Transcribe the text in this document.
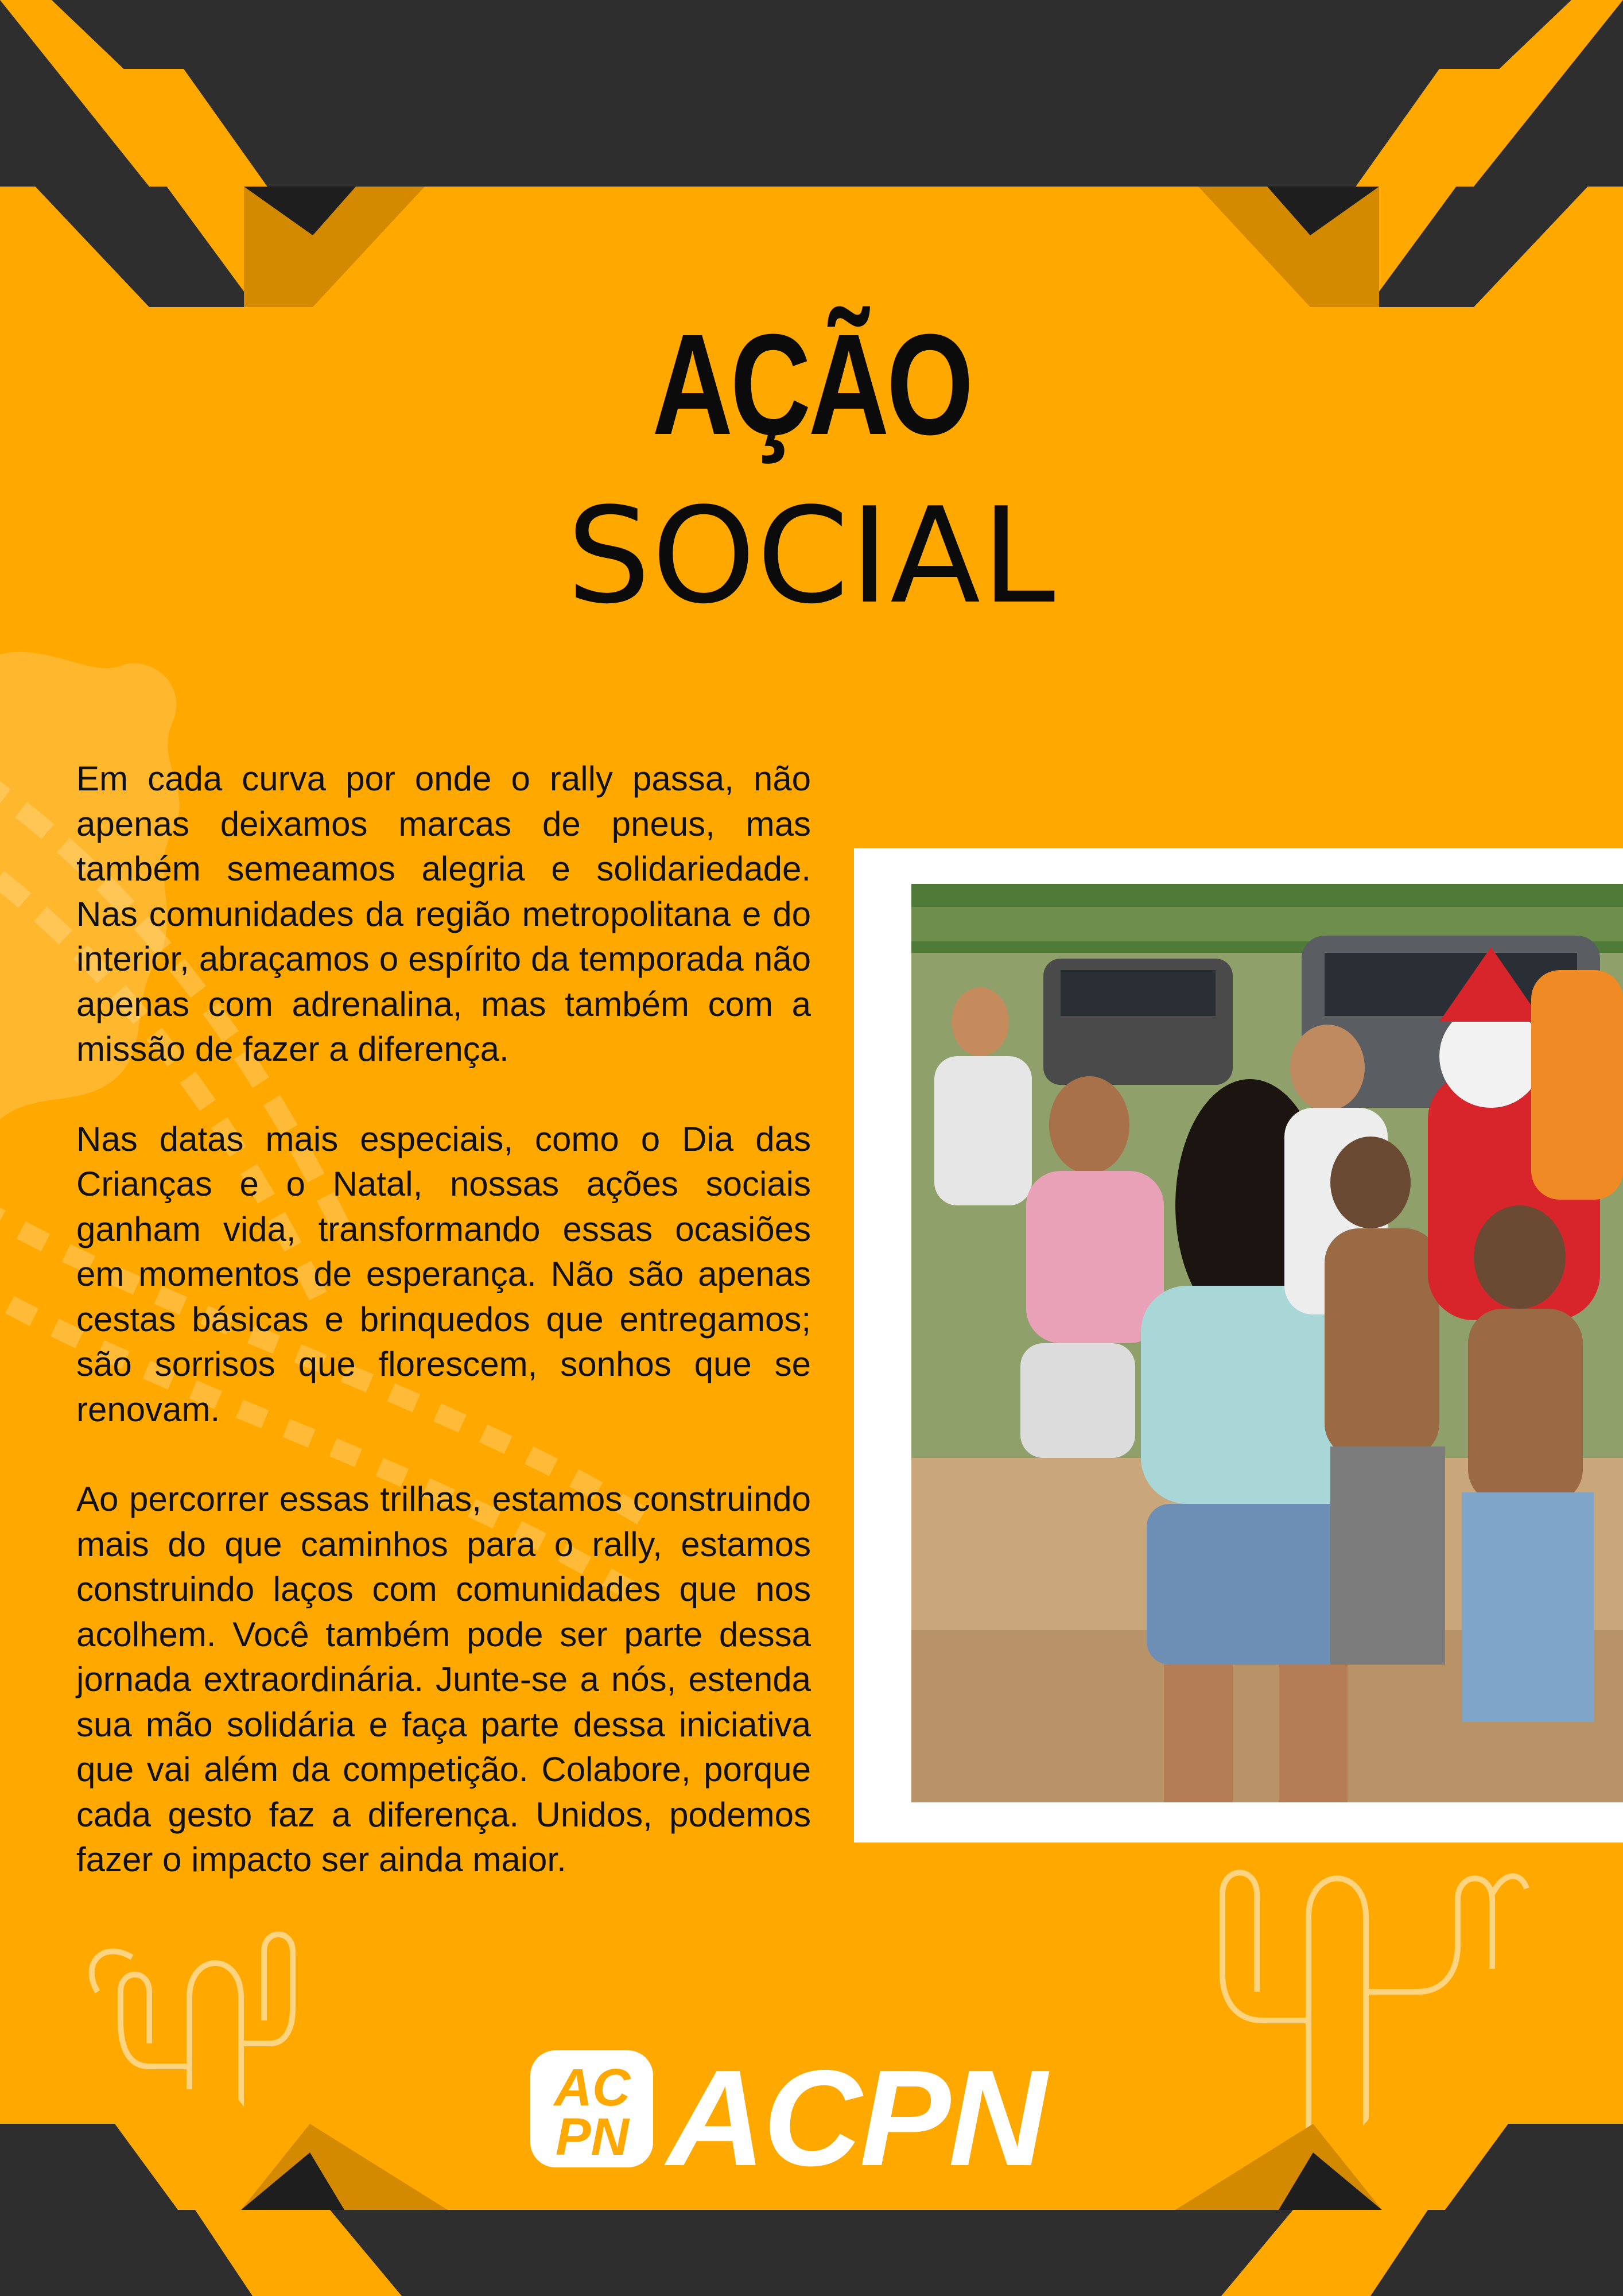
AÇÃO
SOCIAL

Em cada curva por onde o rally passa, não apenas deixamos marcas de pneus, mas também semeamos alegria e solidariedade. Nas comunidades da região metropolitana e do interior, abraçamos o espírito da temporada não apenas com adrenalina, mas também com a missão de fazer a diferença.

Nas datas mais especiais, como o Dia das Crianças e o Natal, nossas ações sociais ganham vida, transformando essas ocasiões em momentos de esperança. Não são apenas cestas básicas e brinquedos que entregamos; são sorrisos que florescem, sonhos que se renovam.

Ao percorrer essas trilhas, estamos construindo mais do que caminhos para o rally, estamos construindo laços com comunidades que nos acolhem. Você também pode ser parte dessa jornada extraordinária. Junte-se a nós, estenda sua mão solidária e faça parte dessa iniciativa que vai além da competição. Colabore, porque cada gesto faz a diferença. Unidos, podemos fazer o impacto ser ainda maior.

AC
PN ACPN
